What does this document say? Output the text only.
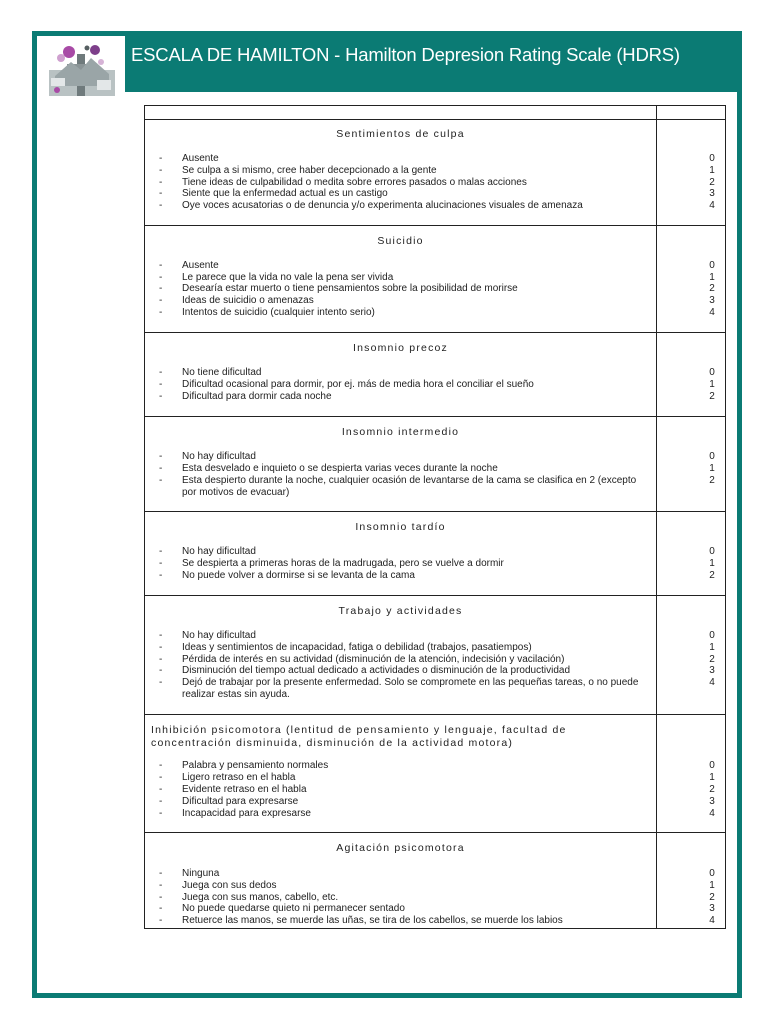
ESCALA DE HAMILTON - Hamilton Depresion Rating Scale (HDRS)
Sentimientos de culpa
- Ausente	0
- Se culpa a si mismo, cree haber decepcionado a la gente	1
- Tiene ideas de culpabilidad o medita sobre errores pasados o malas acciones	2
- Siente que la enfermedad actual es un castigo	3
- Oye voces acusatorias o de denuncia y/o experimenta alucinaciones visuales de amenaza	4
Suicidio
- Ausente	0
- Le parece que la vida no vale la pena ser vivida	1
- Desearía estar muerto o tiene pensamientos sobre la posibilidad de morirse	2
- Ideas de suicidio o amenazas	3
- Intentos de suicidio (cualquier intento serio)	4
Insomnio precoz
- No tiene dificultad	0
- Dificultad ocasional para dormir, por ej. más de media hora el conciliar el sueño	1
- Dificultad para dormir cada noche	2
Insomnio intermedio
- No hay dificultad	0
- Esta desvelado e inquieto o se despierta varias veces durante la noche	1
- Esta despierto durante la noche, cualquier ocasión de levantarse de la cama se clasifica en 2 (excepto por motivos de evacuar)
2
Insomnio tardío
- No hay dificultad	0
- Se despierta a primeras horas de la madrugada, pero se vuelve a dormir	1
- No puede volver a dormirse si se levanta de la cama	2
Trabajo y actividades
- No hay dificultad	0
- Ideas y sentimientos de incapacidad, fatiga o debilidad (trabajos, pasatiempos)	1
- Pérdida de interés en su actividad (disminución de la atención, indecisión y vacilación)	2
- Disminución del tiempo actual dedicado a actividades o disminución de la productividad	3
- Dejó de trabajar por la presente enfermedad. Solo se compromete en las pequeñas tareas, o no puede realizar estas sin ayuda.
4
Inhibición psicomotora (lentitud de pensamiento y lenguaje, facultad de concentración disminuida, disminución de la actividad motora)
- Palabra y pensamiento normales	0
- Ligero retraso en el habla	1
- Evidente retraso en el habla	2
- Dificultad para expresarse	3
- Incapacidad para expresarse	4
Agitación psicomotora
- Ninguna	0
- Juega con sus dedos	1
- Juega con sus manos, cabello, etc.	2
- No puede quedarse quieto ni permanecer sentado	3
- Retuerce las manos, se muerde las uñas, se tira de los cabellos, se muerde los labios	4
